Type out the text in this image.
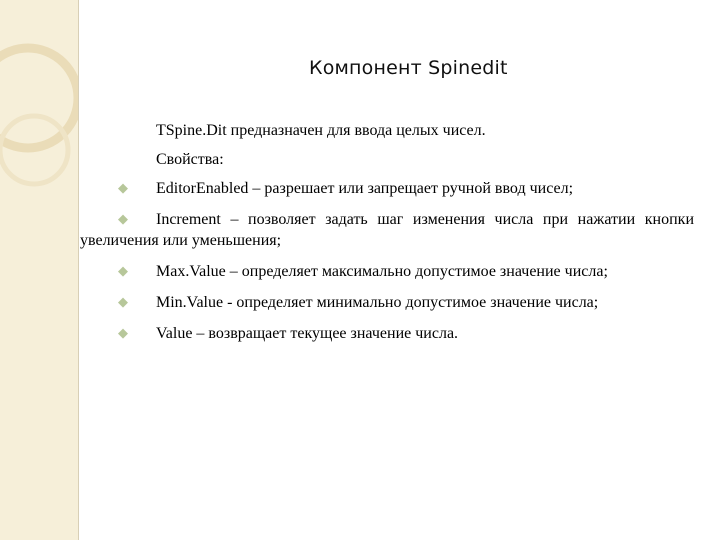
Компонент Spinedit

TSpine.Dit предназначен для ввода целых чисел.

Свойства:

◆	EditorEnabled – разрешает или запрещает ручной ввод чисел;
◆	Increment – позволяет задать шаг изменения числа при нажатии кнопки увеличения или уменьшения;
◆	Max.Value – определяет максимально допустимое значение числа;
◆	Min.Value - определяет минимально допустимое значение числа;
◆	Value – возвращает текущее значение числа.
